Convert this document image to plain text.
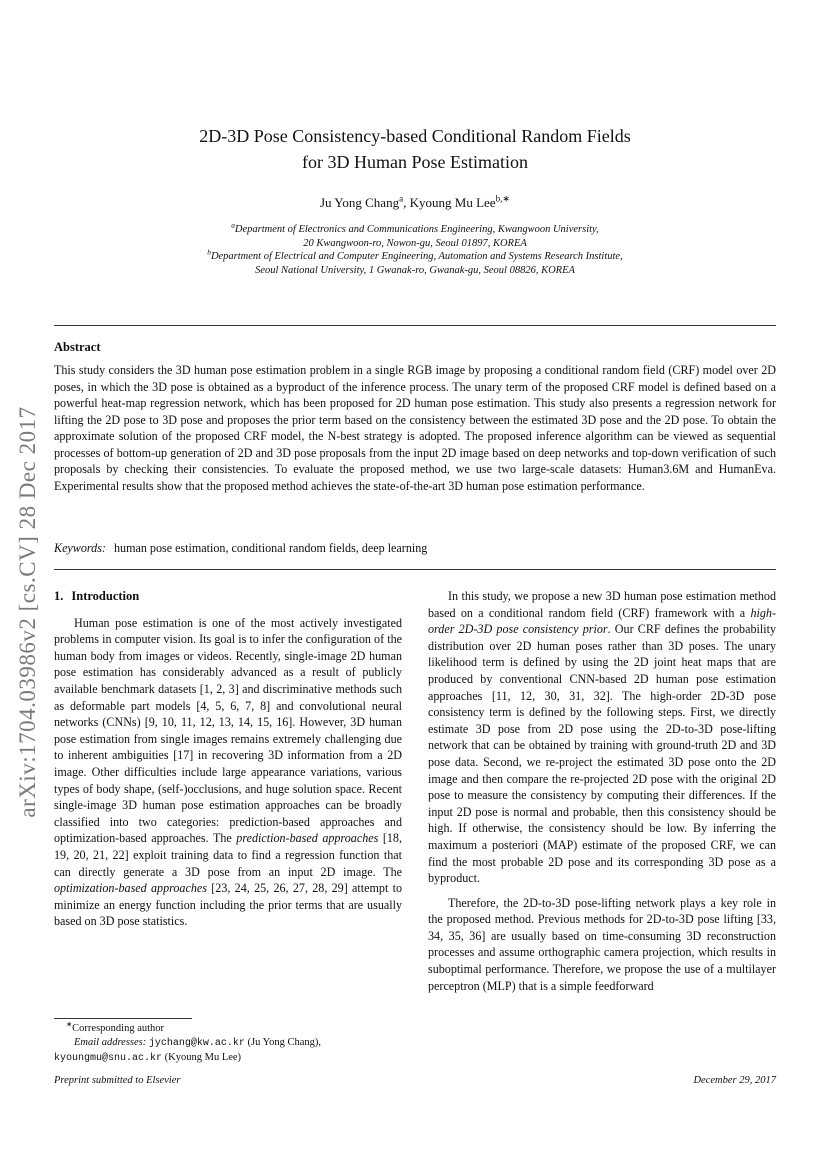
arXiv:1704.03986v2 [cs.CV] 28 Dec 2017
2D-3D Pose Consistency-based Conditional Random Fields
for 3D Human Pose Estimation
Ju Yong Chang$^a$, Kyoung Mu Lee$^{b,∗}$
$^a$Department of Electronics and Communications Engineering, Kwangwoon University,
20 Kwangwoon-ro, Nowon-gu, Seoul 01897, KOREA
$^b$Department of Electrical and Computer Engineering, Automation and Systems Research Institute,
Seoul National University, 1 Gwanak-ro, Gwanak-gu, Seoul 08826, KOREA
Abstract

This study considers the 3D human pose estimation problem in a single RGB image by proposing a conditional random field (CRF) model over 2D poses, in which the 3D pose is obtained as a byproduct of the inference process. The unary term of the proposed CRF model is defined based on a powerful heat-map regression network, which has been proposed for 2D human pose estimation. This study also presents a regression network for lifting the 2D pose to 3D pose and proposes the prior term based on the consistency between the estimated 3D pose and the 2D pose. To obtain the approximate solution of the proposed CRF model, the N-best strategy is adopted. The proposed inference algorithm can be viewed as sequential processes of bottom-up generation of 2D and 3D pose proposals from the input 2D image based on deep networks and top-down verification of such proposals by checking their consistencies. To evaluate the proposed method, we use two large-scale datasets: Human3.6M and HumanEva. Experimental results show that the proposed method achieves the state-of-the-art 3D human pose estimation performance.

Keywords: human pose estimation, conditional random fields, deep learning
1. Introduction

Human pose estimation is one of the most actively investigated problems in computer vision. Its goal is to infer the configuration of the human body from images or videos. Recently, single-image 2D human pose estimation has considerably advanced as a result of publicly available benchmark datasets [1, 2, 3] and discriminative methods such as deformable part models [4, 5, 6, 7, 8] and convolutional neural networks (CNNs) [9, 10, 11, 12, 13, 14, 15, 16]. However, 3D human pose estimation from single images remains extremely challenging due to inherent ambiguities [17] in recovering 3D information from a 2D image. Other difficulties include large appearance variations, various types of body shape, (self-)occlusions, and huge solution space. Recent single-image 3D human pose estimation approaches can be broadly classified into two categories: prediction-based approaches and optimization-based approaches. The prediction-based approaches [18, 19, 20, 21, 22] exploit training data to find a regression function that can directly generate a 3D pose from an input 2D image. The optimization-based approaches [23, 24, 25, 26, 27, 28, 29] attempt to minimize an energy function including the prior terms that are usually based on 3D pose statistics.

In this study, we propose a new 3D human pose estimation method based on a conditional random field (CRF) framework with a high-order 2D-3D pose consistency prior. Our CRF defines the probability distribution over 2D human poses rather than 3D poses. The unary likelihood term is defined by using the 2D joint heat maps that are produced by conventional CNN-based 2D human pose estimation approaches [11, 12, 30, 31, 32]. The high-order 2D-3D pose consistency term is defined by the following steps. First, we directly estimate 3D pose from 2D pose using the 2D-to-3D pose-lifting network that can be obtained by training with ground-truth 2D and 3D pose data. Second, we re-project the estimated 3D pose onto the 2D image and then compare the re-projected 2D pose with the original 2D pose to measure the consistency by computing their differences. If the input 2D pose is normal and probable, then this consistency should be high. If otherwise, the consistency should be low. By inferring the maximum a posteriori (MAP) estimate of the proposed CRF, we can find the most probable 2D pose and its corresponding 3D pose as a byproduct.

Therefore, the 2D-to-3D pose-lifting network plays a key role in the proposed method. Previous methods for 2D-to-3D pose lifting [33, 34, 35, 36] are usually based on time-consuming 3D reconstruction processes and assume orthographic camera projection, which results in suboptimal performance. Therefore, we propose the use of a multilayer perceptron (MLP) that is a simple feedforward

∗Corresponding author
Email addresses: jychang@kw.ac.kr (Ju Yong Chang),
kyoungmu@snu.ac.kr (Kyoung Mu Lee)
Preprint submitted to Elsevier	December 29, 2017
